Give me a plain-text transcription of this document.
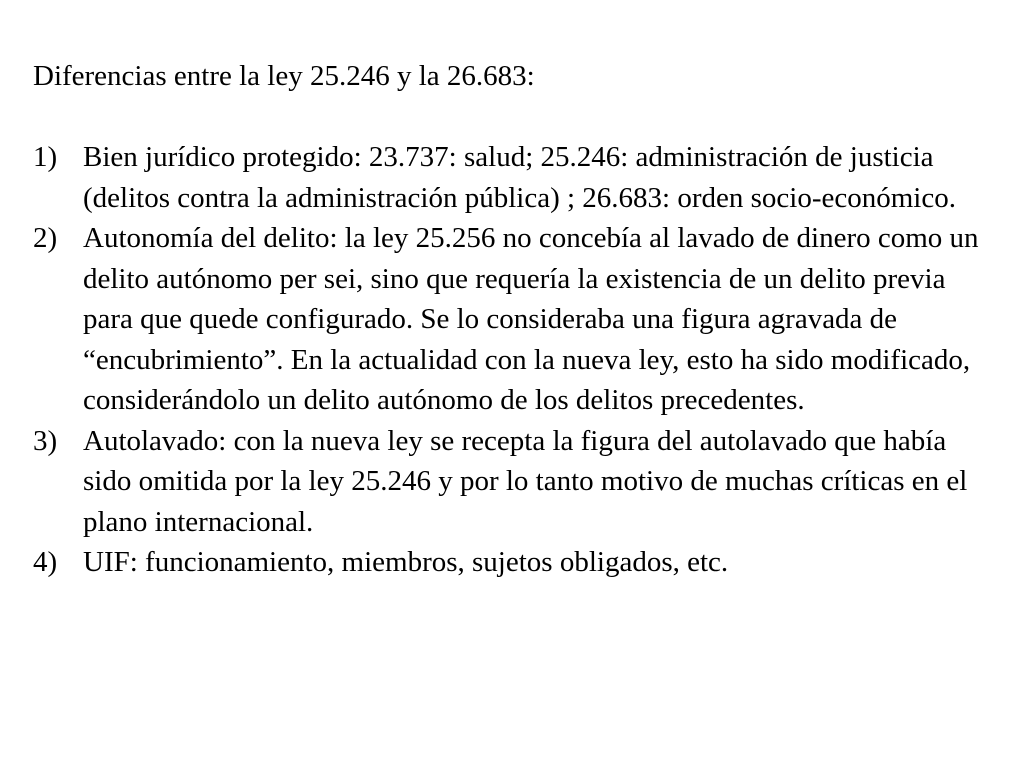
Diferencias entre la ley 25.246 y la 26.683:
1) Bien jurídico protegido: 23.737: salud; 25.246: administración de justicia (delitos contra la administración pública) ; 26.683: orden socio-económico.
2) Autonomía del delito: la ley 25.256 no concebía al lavado de dinero como un delito autónomo per sei, sino que requería la existencia de un delito previa para que quede configurado. Se lo consideraba una figura agravada de “encubrimiento”. En la actualidad con la nueva ley, esto ha sido modificado, considerándolo un delito autónomo de los delitos precedentes.
3) Autolavado: con la nueva ley se recepta la figura del autolavado que había sido omitida por la ley 25.246 y por lo tanto motivo de muchas críticas en el plano internacional.
4) UIF: funcionamiento, miembros, sujetos obligados, etc.
